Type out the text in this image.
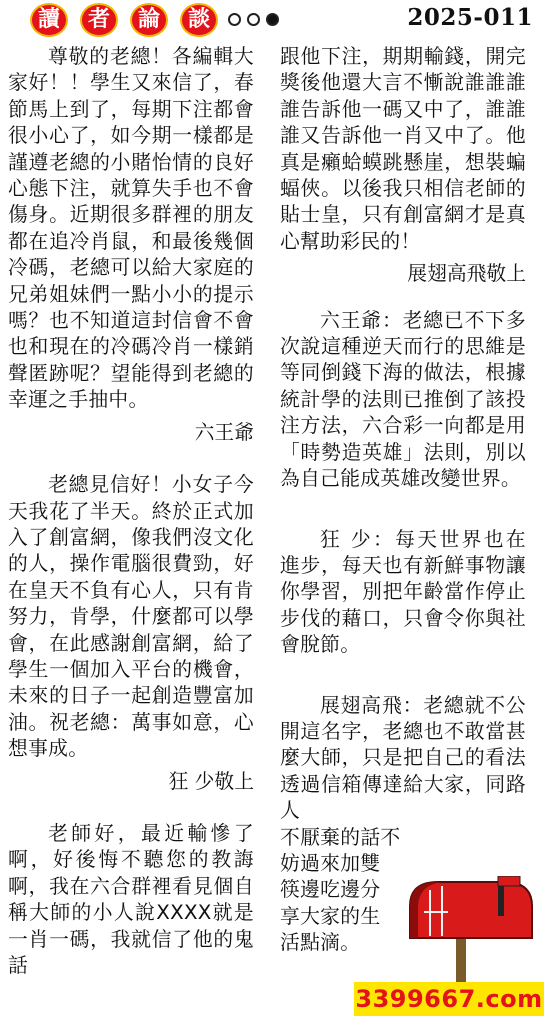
讀	者	論	談	2025-011

尊敬的老總！各編輯大家好！！學生又來信了，春節馬上到了，每期下注都會很小心了，如今期一樣都是謹遵老總的小賭怡情的良好心態下注，就算失手也不會傷身。近期很多群裡的朋友都在追冷肖鼠，和最後幾個冷碼，老總可以給大家庭的兄弟姐妹們一點小小的提示嗎？也不知道這封信會不會也和現在的冷碼冷肖一樣銷聲匿跡呢？望能得到老總的幸運之手抽中。

六王爺

老總見信好！小女子今天我花了半天。終於正式加入了創富網，像我們沒文化的人，操作電腦很費勁，好在皇天不負有心人，只有肯努力，肯學，什麼都可以學會，在此感謝創富網，給了學生一個加入平台的機會，未來的日子一起創造豐富加油。祝老總：萬事如意，心想事成。

狂 少敬上

老師好，最近輸慘了啊，好後悔不聽您的教誨啊，我在六合群裡看見個自稱大師的小人說XXXX就是一肖一碼，我就信了他的鬼話

跟他下注，期期輸錢，開完獎後他還大言不慚說誰誰誰誰告訴他一碼又中了，誰誰誰又告訴他一肖又中了。他真是癩蛤蟆跳懸崖，想裝蝙蝠俠。以後我只相信老師的貼士皇，只有創富網才是真心幫助彩民的！

展翅高飛敬上

六王爺：老總已不下多次說這種逆天而行的思維是等同倒錢下海的做法，根據統計學的法則已推倒了該投注方法，六合彩一向都是用「時勢造英雄」法則，別以為自己能成英雄改變世界。

狂 少：每天世界也在進步，每天也有新鮮事物讓你學習，別把年齡當作停止步伐的藉口，只會令你與社會脫節。

展翅高飛：老總就不公開這名字，老總也不敢當甚麼大師，只是把自己的看法透過信箱傳達給大家，同路人

不厭棄的話不
妨過來加雙
筷邊吃邊分
享大家的生
活點滴。
3399667.com
